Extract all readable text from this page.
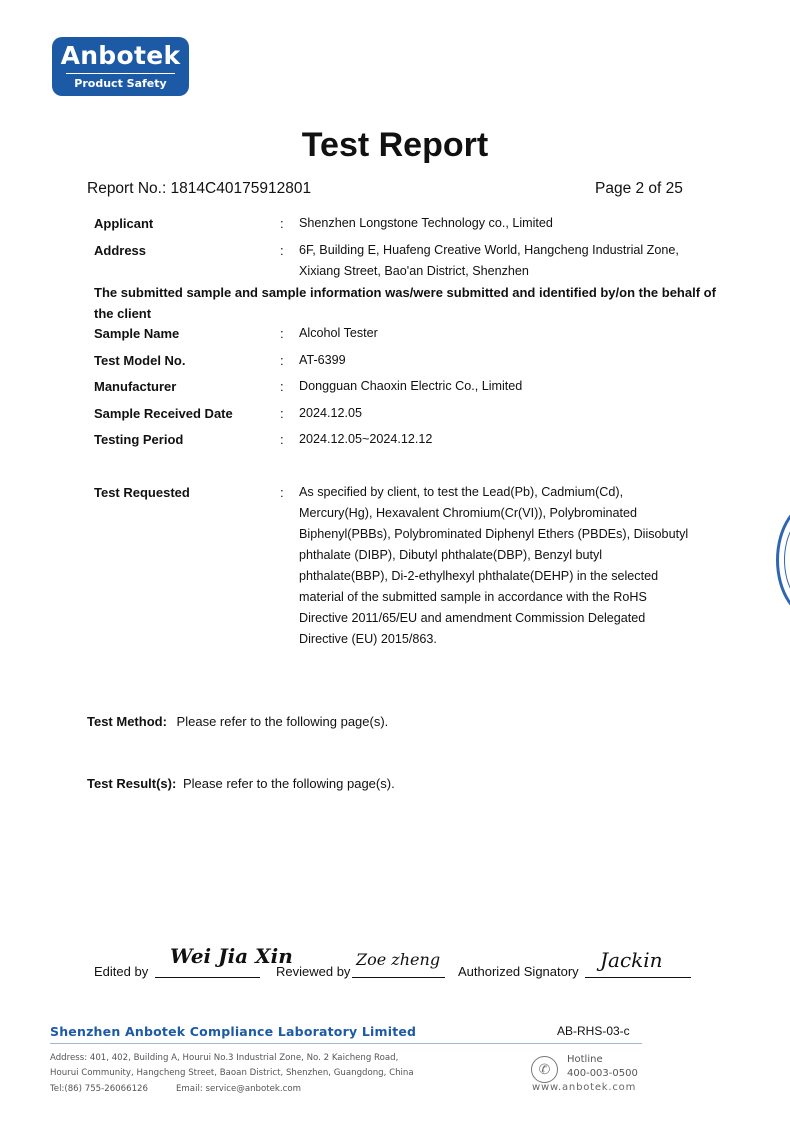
Anbotek
Product Safety
Test Report
Report No.: 1814C40175912801	Page 2 of 25
Applicant	: Shenzhen Longstone Technology co., Limited
Address	: 6F, Building E, Huafeng Creative World, Hangcheng Industrial Zone,
Xixiang Street, Bao'an District, Shenzhen
The submitted sample and sample information was/were submitted and identified by/on the behalf of the client
Sample Name	: Alcohol Tester
Test Model No.	: AT-6399
Manufacturer	: Dongguan Chaoxin Electric Co., Limited
Sample Received Date	: 2024.12.05
Testing Period	: 2024.12.05~2024.12.12
Test Requested	: As specified by client, to test the Lead(Pb), Cadmium(Cd),
Mercury(Hg), Hexavalent Chromium(Cr(VI)), Polybrominated
Biphenyl(PBBs), Polybrominated Diphenyl Ethers (PBDEs), Diisobutyl
phthalate (DIBP), Dibutyl phthalate(DBP), Benzyl butyl
phthalate(BBP), Di-2-ethylhexyl phthalate(DEHP) in the selected
material of the submitted sample in accordance with the RoHS
Directive 2011/65/EU and amendment Commission Delegated
Directive (EU) 2015/863.
Test Method: Please refer to the following page(s).
Test Result(s): Please refer to the following page(s).
Edited by
Wei Jia Xin
Reviewed by
Zoe zheng
Authorized Signatory Jackin
Shenzhen Anbotek Compliance Laboratory Limited	AB-RHS-03-c
Address: 401, 402, Building A, Hourui No.3 Industrial Zone, No. 2 Kaicheng Road,
Hourui Community, Hangcheng Street, Baoan District, Shenzhen, Guangdong, China
Tel:(86) 755-26066126	Email: service@anbotek.com
✆
Hotline
400-003-0500
www.anbotek.com
